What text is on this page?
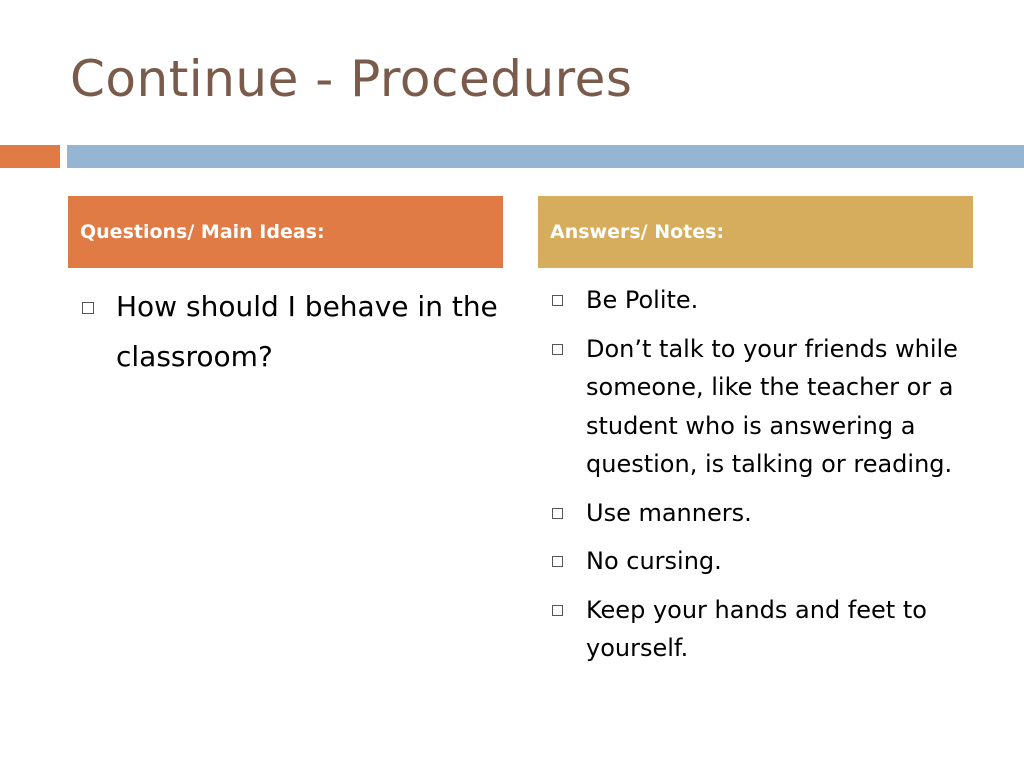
Continue - Procedures
Questions/ Main Ideas:	Answers/ Notes:
How should I behave in the classroom?
Be Polite.
Don’t talk to your friends while someone, like the teacher or a student who is answering a question, is talking or reading.
Use manners.
No cursing.
Keep your hands and feet to yourself.
